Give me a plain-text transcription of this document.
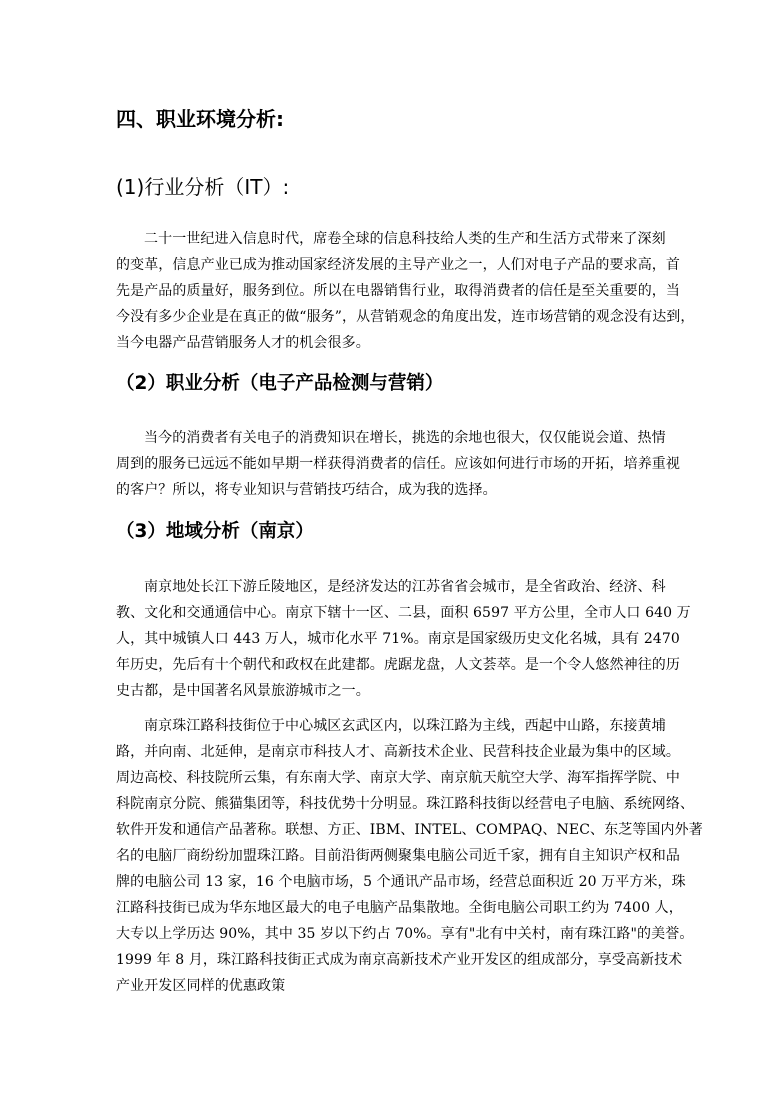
四、职业环境分析:
(1)行业分析（IT）:
二十一世纪进入信息时代，席卷全球的信息科技给人类的生产和生活方式带来了深刻
的变革，信息产业已成为推动国家经济发展的主导产业之一，人们对电子产品的要求高，首
先是产品的质量好，服务到位。所以在电器销售行业，取得消费者的信任是至关重要的，当
今没有多少企业是在真正的做“服务”，从营销观念的角度出发，连市场营销的观念没有达到，
当今电器产品营销服务人才的机会很多。
（2）职业分析（电子产品检测与营销）
当今的消费者有关电子的消费知识在增长，挑选的余地也很大，仅仅能说会道、热情
周到的服务已远远不能如早期一样获得消费者的信任。应该如何进行市场的开拓，培养重视
的客户？所以，将专业知识与营销技巧结合，成为我的选择。
（3）地域分析（南京）
南京地处长江下游丘陵地区，是经济发达的江苏省省会城市，是全省政治、经济、科
教、文化和交通通信中心。南京下辖十一区、二县，面积 6597 平方公里，全市人口 640 万
人，其中城镇人口 443 万人，城市化水平 71%。南京是国家级历史文化名城，具有 2470
年历史，先后有十个朝代和政权在此建都。虎踞龙盘，人文荟萃。是一个令人悠然神往的历
史古都，是中国著名风景旅游城市之一。
南京珠江路科技街位于中心城区玄武区内，以珠江路为主线，西起中山路，东接黄埔
路，并向南、北延伸，是南京市科技人才、高新技术企业、民营科技企业最为集中的区域。
周边高校、科技院所云集，有东南大学、南京大学、南京航天航空大学、海军指挥学院、中
科院南京分院、熊猫集团等，科技优势十分明显。珠江路科技街以经营电子电脑、系统网络、
软件开发和通信产品著称。联想、方正、IBM、INTEL、COMPAQ、NEC、东芝等国内外著
名的电脑厂商纷纷加盟珠江路。目前沿街两侧聚集电脑公司近千家，拥有自主知识产权和品
牌的电脑公司 13 家，16 个电脑市场，5 个通讯产品市场，经营总面积近 20 万平方米，珠
江路科技街已成为华东地区最大的电子电脑产品集散地。全街电脑公司职工约为 7400 人，
大专以上学历达 90%，其中 35 岁以下约占 70%。享有"北有中关村，南有珠江路"的美誉。
1999 年 8 月，珠江路科技街正式成为南京高新技术产业开发区的组成部分，享受高新技术
产业开发区同样的优惠政策
